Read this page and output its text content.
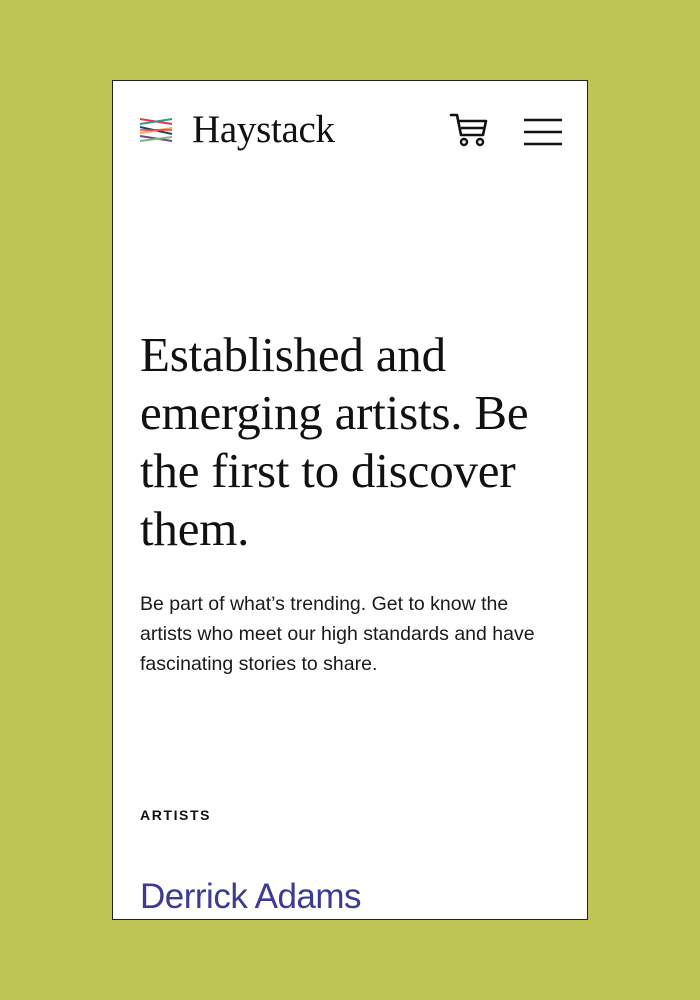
Haystack
Established and emerging artists. Be the first to discover them.

Be part of what’s trending. Get to know the artists who meet our high standards and have fascinating stories to share.

ARTISTS
Derrick Adams
